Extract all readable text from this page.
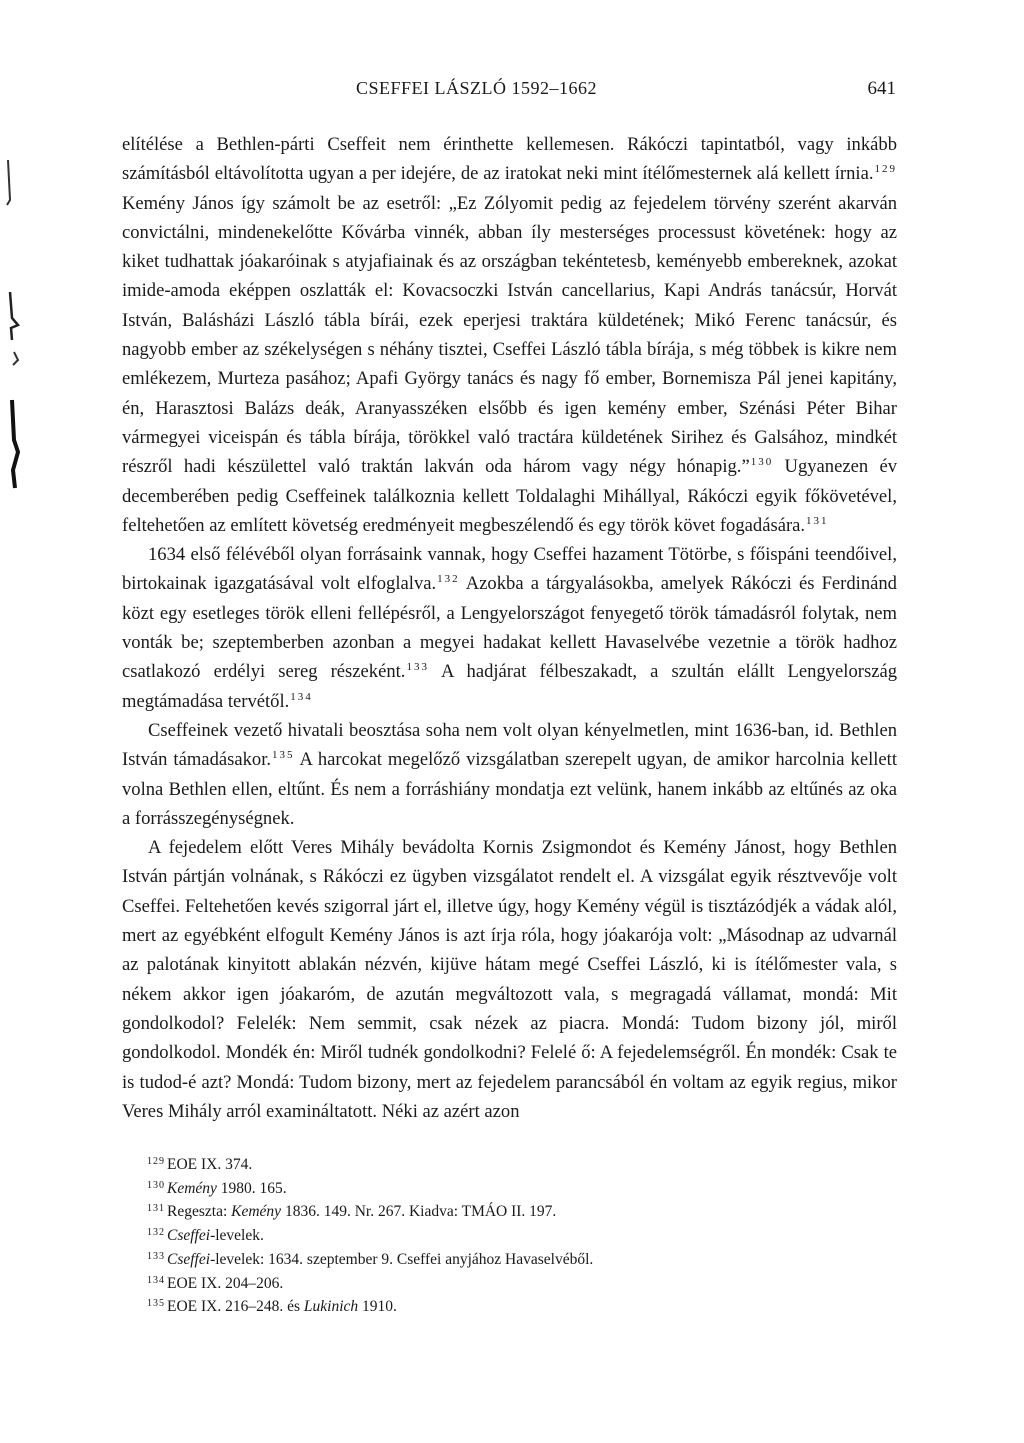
CSEFFEI LÁSZLÓ 1592–1662	641

elítélése a Bethlen-párti Cseffeit nem érinthette kellemesen. Rákóczi tapintatból, vagy inkább számításból eltávolította ugyan a per idejére, de az iratokat neki mint ítélőmesternek alá kellett írnia.$^{129}$ Kemény János így számolt be az esetről: „Ez Zólyomit pedig az fejedelem törvény szerént akarván convictálni, mindenekelőtte Kővárba vinnék, abban íly mesterséges processust követének: hogy az kiket tudhattak jóakaróinak s atyjafiainak és az országban tekéntetesb, keményebb embereknek, azokat imide-amoda eképpen oszlatták el: Kovacsoczki István cancellarius, Kapi András tanácsúr, Horvát István, Balásházi László tábla bírái, ezek eperjesi traktára küldetének; Mikó Ferenc tanácsúr, és nagyobb ember az székelységen s néhány tisztei, Cseffei László tábla bírája, s még többek is kikre nem emlékezem, Murteza pasához; Apafi György tanács és nagy fő ember, Bornemisza Pál jenei kapitány, én, Harasztosi Balázs deák, Aranyasszéken elsőbb és igen kemény ember, Szénási Péter Bihar vármegyei viceispán és tábla bírája, törökkel való tractára küldetének Sirihez és Galsához, mindkét részről hadi készülettel való traktán lakván oda három vagy négy hónapig.”$^{130}$ Ugyanezen év decemberében pedig Cseffeinek találkoznia kellett Toldalaghi Mihállyal, Rákóczi egyik főkövetével, feltehetően az említett követség eredményeit megbeszélendő és egy török követ fogadására.$^{131}$

1634 első félévéből olyan forrásaink vannak, hogy Cseffei hazament Tötörbe, s főispáni teendőivel, birtokainak igazgatásával volt elfoglalva.$^{132}$ Azokba a tárgyalásokba, amelyek Rákóczi és Ferdinánd közt egy esetleges török elleni fellépésről, a Lengyelországot fenyegető török támadásról folytak, nem vonták be; szeptemberben azonban a megyei hadakat kellett Havaselvébe vezetnie a török hadhoz csatlakozó erdélyi sereg részeként.$^{133}$ A hadjárat félbeszakadt, a szultán elállt Lengyelország megtámadása tervétől.$^{134}$

Cseffeinek vezető hivatali beosztása soha nem volt olyan kényelmetlen, mint 1636-ban, id. Bethlen István támadásakor.$^{135}$ A harcokat megelőző vizsgálatban szerepelt ugyan, de amikor harcolnia kellett volna Bethlen ellen, eltűnt. És nem a forráshiány mondatja ezt velünk, hanem inkább az eltűnés az oka a forrásszegénységnek.

A fejedelem előtt Veres Mihály bevádolta Kornis Zsigmondot és Kemény Jánost, hogy Bethlen István pártján volnának, s Rákóczi ez ügyben vizsgálatot rendelt el. A vizsgálat egyik résztvevője volt Cseffei. Feltehetően kevés szigorral járt el, illetve úgy, hogy Kemény végül is tisztázódjék a vádak alól, mert az egyébként elfogult Kemény János is azt írja róla, hogy jóakarója volt: „Másodnap az udvarnál az palotának kinyitott ablakán nézvén, kijüve hátam megé Cseffei László, ki is ítélőmester vala, s nékem akkor igen jóakaróm, de azután megváltozott vala, s megragadá vállamat, mondá: Mit gondolkodol? Felelék: Nem semmit, csak nézek az piacra. Mondá: Tudom bizony jól, miről gondolkodol. Mondék én: Miről tudnék gondolkodni? Felelé ő: A fejedelemségről. Én mondék: Csak te is tudod-é azt? Mondá: Tudom bizony, mert az fejedelem parancsából én voltam az egyik regius, mikor Veres Mihály arról examináltatott. Néki az azért azon

$^{129}$ EOE IX. 374.
$^{130}$ Kemény 1980. 165.
$^{131}$ Regeszta: Kemény 1836. 149. Nr. 267. Kiadva: TMÁO II. 197.
$^{132}$ Cseffei-levelek.
$^{133}$ Cseffei-levelek: 1634. szeptember 9. Cseffei anyjához Havaselvéből.
$^{134}$ EOE IX. 204–206.
$^{135}$ EOE IX. 216–248. és Lukinich 1910.
